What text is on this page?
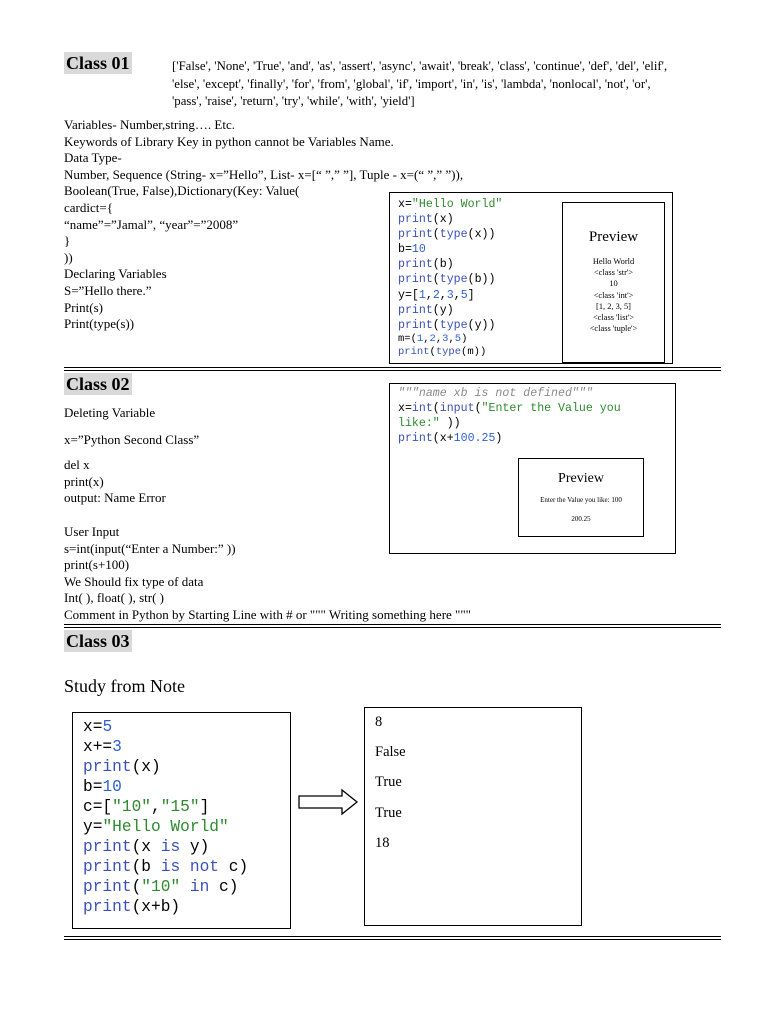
Class 01	['False', 'None', 'True', 'and', 'as', 'assert', 'async', 'await', 'break', 'class', 'continue', 'def', 'del', 'elif',
'else', 'except', 'finally', 'for', 'from', 'global', 'if', 'import', 'in', 'is', 'lambda', 'nonlocal', 'not', 'or',
'pass', 'raise', 'return', 'try', 'while', 'with', 'yield']
Variables- Number,string…. Etc.
Keywords of Library Key in python cannot be Variables Name.
Data Type-
Number, Sequence (String- x=”Hello”, List- x=[“ ”,” ”], Tuple - x=(“ ”,” ”)),
Boolean(True, False),Dictionary(Key: Value(
cardict={
“name”=”Jamal”, “year”=”2008”
}
))
Declaring Variables
S=”Hello there.”
Print(s)
Print(type(s))
x="Hello World"
print(x)
print(type(x))
b=10
print(b)
print(type(b))
y=[1,2,3,5]
print(y)
print(type(y))
m=(1,2,3,5)
print(type(m))
Preview
Hello World
<class 'str'>
10
<class 'int'>
[1, 2, 3, 5]
<class 'list'>
<class 'tuple'>
Class 02
Deleting Variable
x=”Python Second Class”
del x
print(x)
output: Name Error
User Input
s=int(input(“Enter a Number:” ))
print(s+100)
We Should fix type of data
Int( ), float( ), str( )
Comment in Python by Starting Line with # or """ Writing something here """
"""name xb is not defined"""
x=int(input("Enter the Value you
like:" ))
print(x+100.25)
Preview
Enter the Value you like: 100
200.25
Class 03
Study from Note
x=5
x+=3
print(x)
b=10
c=["10","15"]
y="Hello World"
print(x is y)
print(b is not c)
print("10" in c)
print(x+b)
8
False
True
True
18
